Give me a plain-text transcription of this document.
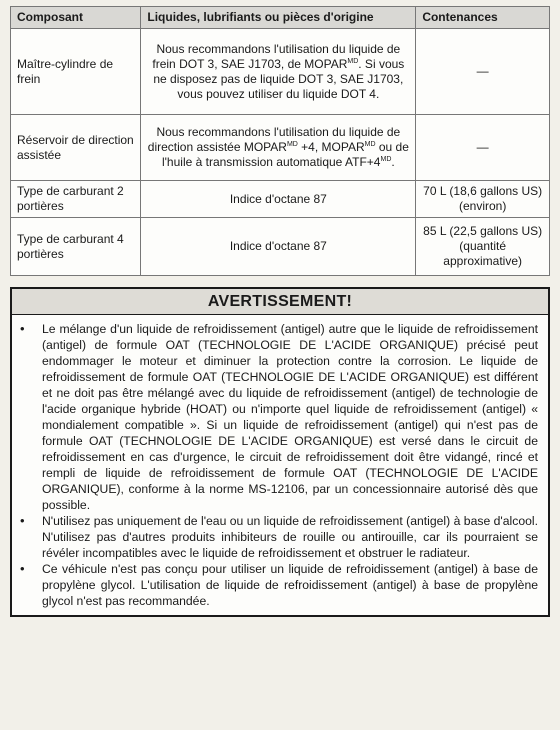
Composant	Liquides, lubrifiants ou pièces d'origine	Contenances
Maître-cylindre de frein	Nous recommandons l'utilisation du liquide de frein DOT 3, SAE J1703, de $MOPAR^{MD}$. Si vous ne disposez pas de liquide DOT 3, SAE J1703, vous pouvez utiliser du liquide DOT 4.	—
Réservoir de direction assistée	Nous recommandons l'utilisation du liquide de direction assistée $MOPAR^{MD} +4$, $MOPAR^{MD}$ ou de l'huile à transmission automatique $ATF+4^{MD}$.	—
Type de carburant 2 portières	Indice d'octane 87	70 L (18,6 gallons US) (environ)
Type de carburant 4 portières	Indice d'octane 87	85 L (22,5 gallons US) (quantité approximative)
AVERTISSEMENT!
• Le mélange d'un liquide de refroidissement (antigel) autre que le liquide de refroidissement (antigel) de formule OAT (TECHNOLOGIE DE L'ACIDE ORGANIQUE) précisé peut endommager le moteur et diminuer la protection contre la corrosion. Le liquide de refroidissement de formule OAT (TECHNOLOGIE DE L'ACIDE ORGANIQUE) est différent et ne doit pas être mélangé avec du liquide de refroidissement (antigel) de technologie de l'acide organique hybride (HOAT) ou n'importe quel liquide de refroidissement (antigel) « mondialement compatible ». Si un liquide de refroidissement (antigel) qui n'est pas de formule OAT (TECHNOLOGIE DE L'ACIDE ORGANIQUE) est versé dans le circuit de refroidissement en cas d'urgence, le circuit de refroidissement doit être vidangé, rincé et rempli de liquide de refroidissement de formule OAT (TECHNOLOGIE DE L'ACIDE ORGANIQUE), conforme à la norme MS-12106, par un concessionnaire autorisé dès que possible.
• N'utilisez pas uniquement de l'eau ou un liquide de refroidissement (antigel) à base d'alcool. N'utilisez pas d'autres produits inhibiteurs de rouille ou antirouille, car ils pourraient se révéler incompatibles avec le liquide de refroidissement et obstruer le radiateur.
• Ce véhicule n'est pas conçu pour utiliser un liquide de refroidissement (antigel) à base de propylène glycol. L'utilisation de liquide de refroidissement (antigel) à base de propylène glycol n'est pas recommandée.
